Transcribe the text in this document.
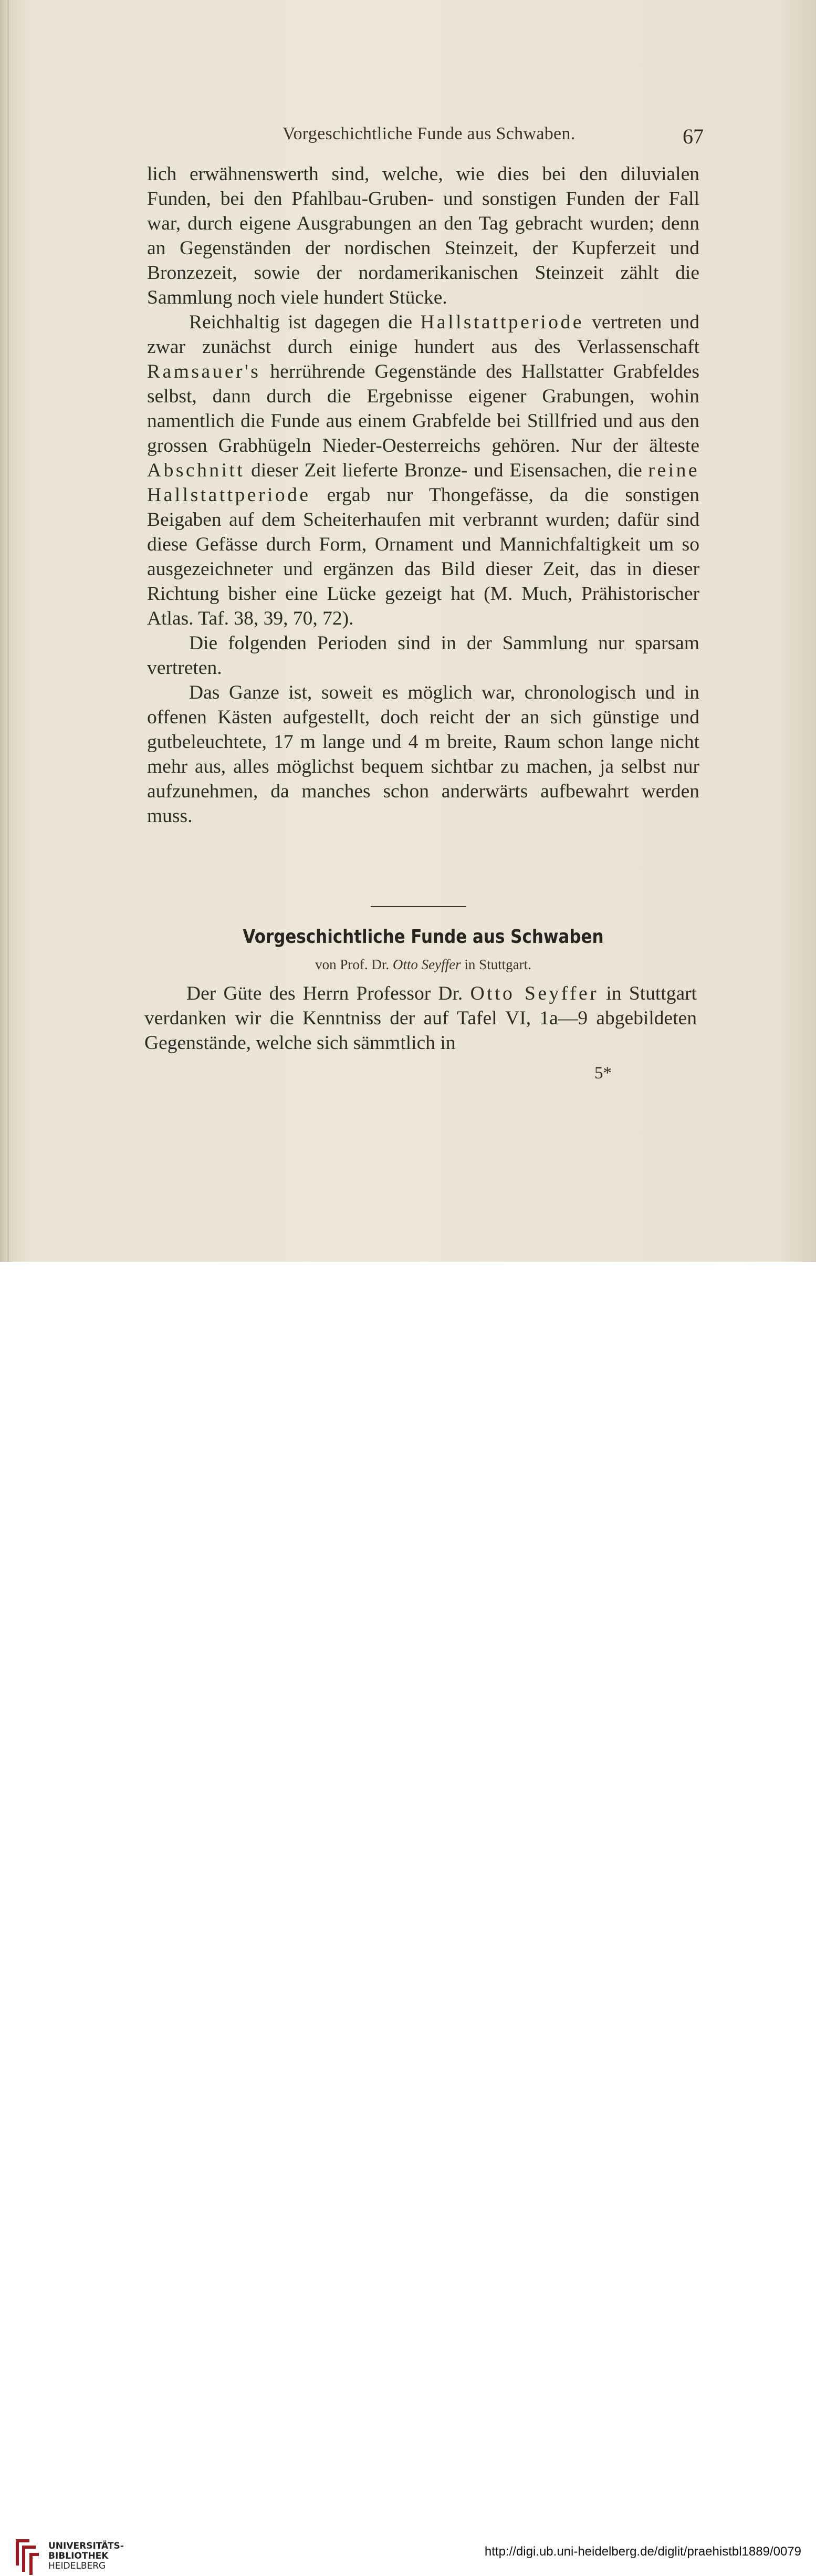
Vorgeschichtliche Funde aus Schwaben.	67

lich erwähnenswerth sind, welche, wie dies bei den diluvialen Funden, bei den Pfahlbau-Gruben- und sonstigen Funden der Fall war, durch eigene Ausgrabungen an den Tag gebracht wurden; denn an Gegenständen der nordischen Steinzeit, der Kupferzeit und Bronzezeit, sowie der nordamerikanischen Steinzeit zählt die Sammlung noch viele hundert Stücke.

Reichhaltig ist dagegen die Hallstattperiode vertreten und zwar zunächst durch einige hundert aus des Verlassenschaft Ramsauer's herrührende Gegenstände des Hallstatter Grabfeldes selbst, dann durch die Ergebnisse eigener Grabungen, wohin namentlich die Funde aus einem Grabfelde bei Stillfried und aus den grossen Grabhügeln Nieder-Oesterreichs gehören. Nur der älteste Abschnitt dieser Zeit lieferte Bronze- und Eisensachen, die reine Hallstattperiode ergab nur Thongefässe, da die sonstigen Beigaben auf dem Scheiterhaufen mit verbrannt wurden; dafür sind diese Gefässe durch Form, Ornament und Mannichfaltigkeit um so ausgezeichneter und ergänzen das Bild dieser Zeit, das in dieser Richtung bisher eine Lücke gezeigt hat (M. Much, Prähistorischer Atlas. Taf. 38, 39, 70, 72).

Die folgenden Perioden sind in der Sammlung nur sparsam vertreten.

Das Ganze ist, soweit es möglich war, chronologisch und in offenen Kästen aufgestellt, doch reicht der an sich günstige und gutbeleuchtete, 17 m lange und 4 m breite, Raum schon lange nicht mehr aus, alles möglichst bequem sichtbar zu machen, ja selbst nur aufzunehmen, da manches schon anderwärts aufbewahrt werden muss.

Vorgeschichtliche Funde aus Schwaben
von Prof. Dr. Otto Seyffer in Stuttgart.

Der Güte des Herrn Professor Dr. Otto Seyffer in Stuttgart verdanken wir die Kenntniss der auf Tafel VI, 1a—9 abgebildeten Gegenstände, welche sich sämmtlich in

5*
UNIVERSITÄTS-
BIBLIOTHEK
HEIDELBERG
http://digi.ub.uni-heidelberg.de/diglit/praehistbl1889/0079
